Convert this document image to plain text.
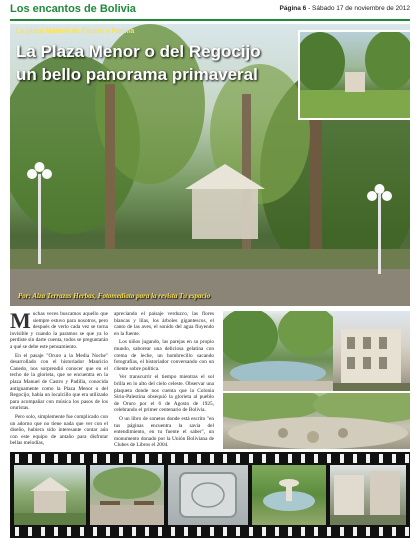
Los encantos de Bolivia	Página 6 - Sábado 17 de noviembre de 2012
La plaza Manuel de Castro y Padilla
La Plaza Menor o del Regocijo
un bello panorama primaveral
Por: Aiza Terrazas Herbas, Fotomediato para la revista Tu espacio

Muchas veces buscamos aquello que siempre estuvo para nosotros, pero después de verlo cada vez se torna invisible y cuando la paramos se que ya lo perdiste sin darte cuenta, todos se preguntarán a qué se debe este pensamiento.

En el pasaje "Oruro a la Media Noche" desarrollado con el historiador Mauricio Canedo, nos sorprendió conocer que en el techo de la glorieta, que se encuentra en la plaza Manuel de Castro y Padilla, conocida antiguamente como la Plaza Menor o del Regocijo, había un localcillo que era utilizado para acompañar con música los pasos de los oruristas.

Pero solo, simplemente fue complicado con un adorno que no tiene nada que ver con el diseño, hubiera sido interesante contar aún con este equipo de antaño para disfrutar bellas melodías,

apreciando el paisaje verduzco, las flores blancas y lilas, los árboles gigantescos, el canto de las aves, el sonido del agua fluyendo en la fuente.

Los niños jugando, las parejas en su propio mundo, saborear una deliciosa gelatina con crema de leche, un hombrecillo sacando fotografías, el historiador conversando con un cliente sobre política.

Ver transcurrir el tiempo mientras el sol brilla en lo alto del cielo celeste. Observar una plaqueta donde nos cuenta que la Colonia Sirio-Palestina obsequió la glorieta al pueblo de Oruro por el 6 de Agosto de 1925, celebrando el primer centenario de Bolivia.

O un libro de sonetos donde está escrito "en tus páginas encuentra la savia del entendimiento, en tu fuente el saber", un monumento donado por la Unión Boliviana de Clubes de Libros el 2004.
